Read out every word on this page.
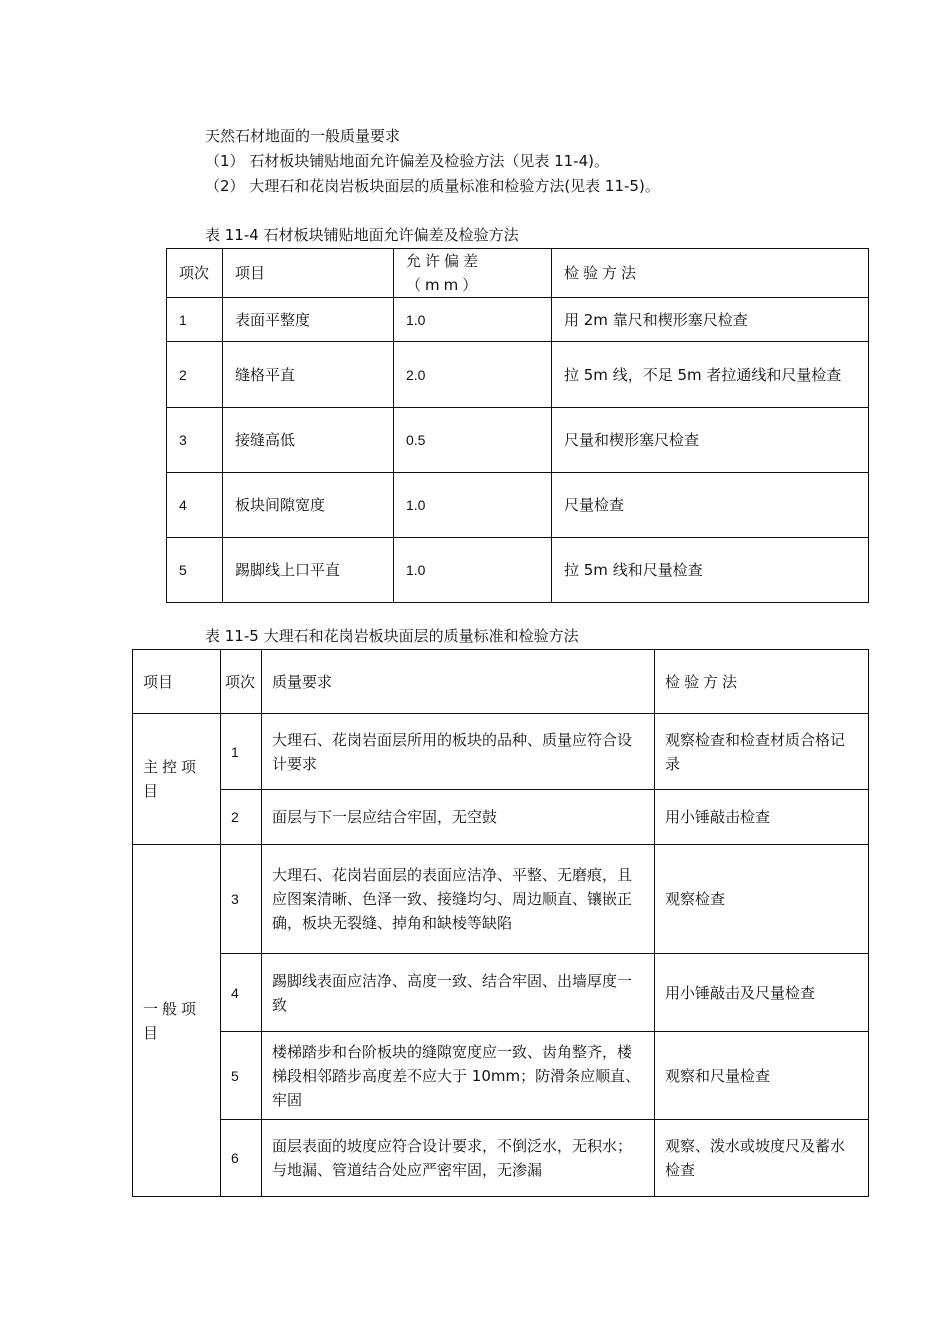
天然石材地面的一般质量要求
（1） 石材板块铺贴地面允许偏差及检验方法（见表 11-4)。
（2） 大理石和花岗岩板块面层的质量标准和检验方法(见表 11-5)。
表 11-4 石材板块铺贴地面允许偏差及检验方法
项次	项目	允许偏差（mm）	检验方法
1	表面平整度	1.0	用 2m 靠尺和楔形塞尺检查
2	缝格平直	2.0	拉 5m 线，不足 5m 者拉通线和尺量检查
3	接缝高低	0.5	尺量和楔形塞尺检查
4	板块间隙宽度	1.0	尺量检查
5	踢脚线上口平直	1.0	拉 5m 线和尺量检查
表 11-5 大理石和花岗岩板块面层的质量标准和检验方法
项目	项次	质量要求	检验方法
主控项目	1	大理石、花岗岩面层所用的板块的品种、质量应符合设计要求	观察检查和检查材质合格记录
	2	面层与下一层应结合牢固，无空鼓	用小锤敲击检查
一般项目	3	大理石、花岗岩面层的表面应洁净、平整、无磨痕，且应图案清晰、色泽一致、接缝均匀、周边顺直、镶嵌正确，板块无裂缝、掉角和缺棱等缺陷	观察检查
	4	踢脚线表面应洁净、高度一致、结合牢固、出墙厚度一致	用小锤敲击及尺量检查
	5	楼梯踏步和台阶板块的缝隙宽度应一致、齿角整齐，楼梯段相邻踏步高度差不应大于 10mm；防滑条应顺直、牢固	观察和尺量检查
	6	面层表面的坡度应符合设计要求，不倒泛水，无积水；与地漏、管道结合处应严密牢固，无渗漏	观察、泼水或坡度尺及蓄水检查
